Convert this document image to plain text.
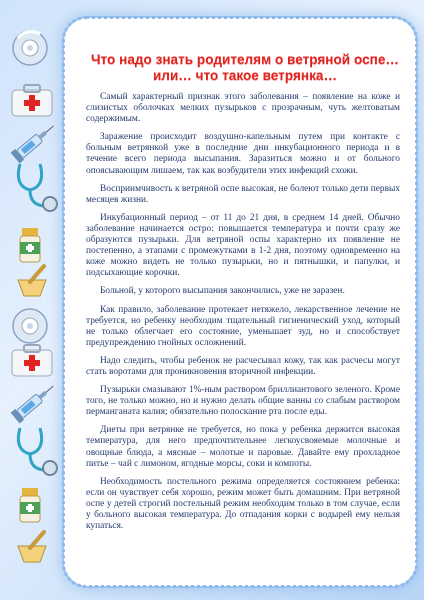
Что надо знать родителям о ветряной оспе… или… что такое ветрянка…

Самый характерный признак этого заболевания – появление на коже и слизистых оболочках мелких пузырьков с прозрачным, чуть желтоватым содержимым.

Заражение происходит воздушно-капельным путем при контакте с больным ветрянкой уже в последние дни инкубационного периода и в течение всего периода высыпания. Заразиться можно и от больного опоясывающим лишаем, так как возбудители этих инфекций схожи.

Восприимчивость к ветряной оспе высокая, не болеют только дети первых месяцев жизни.

Инкубационный период – от 11 до 21 дня, в среднем 14 дней. Обычно заболевание начинается остро: повышается температура и почти сразу же образуются пузырьки. Для ветряной оспы характерно их появление не постепенно, а этапами с промежутками в 1-2 дня, поэтому одновременно на коже можно видеть не только пузырьки, но и пятнышки, и папулки, и подсыхающие корочки.

Больной, у которого высыпания закончились, уже не заразен.

Как правило, заболевание протекает нетяжело, лекарственное лечение не требуется, но ребенку необходим тщательный гигиенический уход, который не только облегчает его состояние, уменьшает зуд, но и способствует предупреждению гнойных осложнений.

Надо следить, чтобы ребенок не расчесывал кожу, так как расчесы могут стать воротами для проникновения вторичной инфекции.

Пузырьки смазывают 1%-ным раствором бриллиантового зеленого. Кроме того, не только можно, но и нужно делать общие ванны со слабым раствором перманганата калия; обязательно полоскание рта после еды.

Диеты при ветрянке не требуется, но пока у ребенка держится высокая температура, для него предпочтительнее легкоусвояемые молочные и овощные блюда, а мясные – молотые и паровые. Давайте ему прохладное питье – чай с лимоном, ягодные морсы, соки и компоты.

Необходимость постельного режима определяется состоянием ребенка: если он чувствует себя хорошо, режим может быть домашним. При ветряной оспе у детей строгий постельный режим необходим только в том случае, если у больного высокая температура. До отпадания корки с водырей ему нельзя купаться.
